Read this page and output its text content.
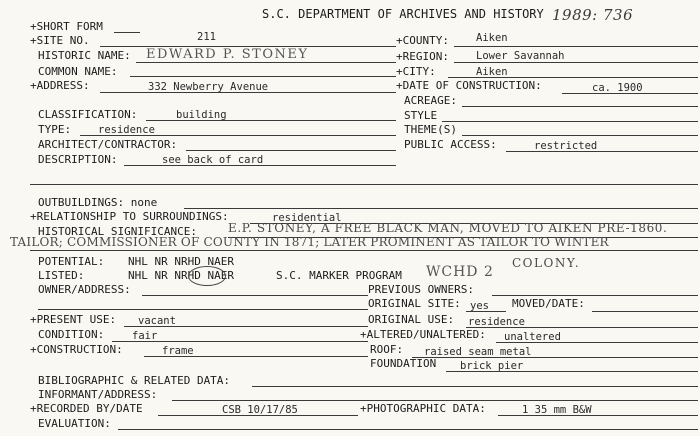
S.C. DEPARTMENT OF ARCHIVES AND HISTORY 1989: 736
+SHORT FORM
+SITE NO.	211
HISTORIC NAME: EDWARD P. STONEY
COMMON NAME:
+ADDRESS:	332 Newberry Avenue
CLASSIFICATION:	building
TYPE:	residence
ARCHITECT/CONTRACTOR:
DESCRIPTION:	see back of card
+COUNTY:	Aiken
+REGION:	Lower Savannah
+CITY:	Aiken
+DATE OF CONSTRUCTION:	ca. 1900
ACREAGE:
STYLE
THEME(S)
PUBLIC ACCESS:	restricted
OUTBUILDINGS: none
+RELATIONSHIP TO SURROUNDINGS:	residential
HISTORICAL SIGNIFICANCE:	E.P. STONEY, A FREE BLACK MAN, MOVED TO AIKEN PRE-1860.
TAILOR; COMMISSIONER OF COUNTY IN 1871; LATER PROMINENT AS TAILOR TO WINTER
COLONY.
POTENTIAL: NHL NR NRHD NAER
LISTED:	NHL NR NRHD NAER	S.C. MARKER PROGRAM WCHD 2
OWNER/ADDRESS:	PREVIOUS OWNERS:
ORIGINAL SITE: yes MOVED/DATE:
+PRESENT USE: vacant	ORIGINAL USE: residence
CONDITION:	fair	+ALTERED/UNALTERED: unaltered
+CONSTRUCTION:	frame	ROOF: raised seam metal
FOUNDATION brick pier
BIBLIOGRAPHIC & RELATED DATA:
INFORMANT/ADDRESS:
+RECORDED BY/DATE	CSB 10/17/85	+PHOTOGRAPHIC DATA:	1 35 mm B&W
EVALUATION:
